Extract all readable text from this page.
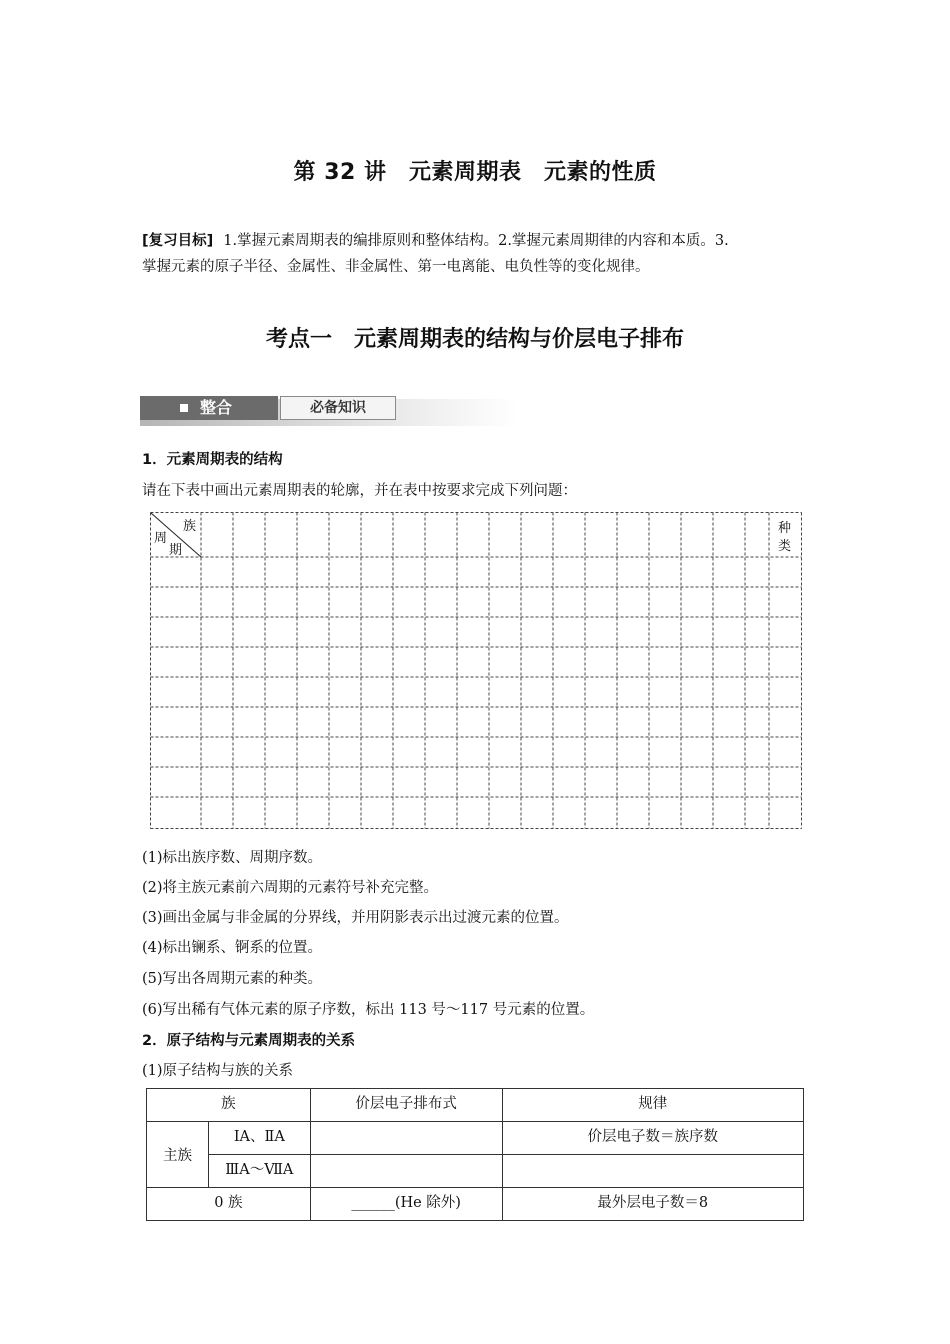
第 32 讲　元素周期表　元素的性质
[复习目标] 1.掌握元素周期表的编排原则和整体结构。2.掌握元素周期律的内容和本质。3.
掌握元素的原子半径、金属性、非金属性、第一电离能、电负性等的变化规律。
考点一　元素周期表的结构与价层电子排布
整合	必备知识
1．元素周期表的结构
请在下表中画出元素周期表的轮廓，并在表中按要求完成下列问题：
族
周
期
种
类
(1)标出族序数、周期序数。
(2)将主族元素前六周期的元素符号补充完整。
(3)画出金属与非金属的分界线，并用阴影表示出过渡元素的位置。
(4)标出镧系、锕系的位置。
(5)写出各周期元素的种类。
(6)写出稀有气体元素的原子序数，标出 113 号～117 号元素的位置。
2．原子结构与元素周期表的关系
(1)原子结构与族的关系
族		价层电子排布式	规律
主族	ⅠA、ⅡA		价层电子数＝族序数
	ⅢA～ⅦA		
0 族		______(He 除外)	最外层电子数＝8
